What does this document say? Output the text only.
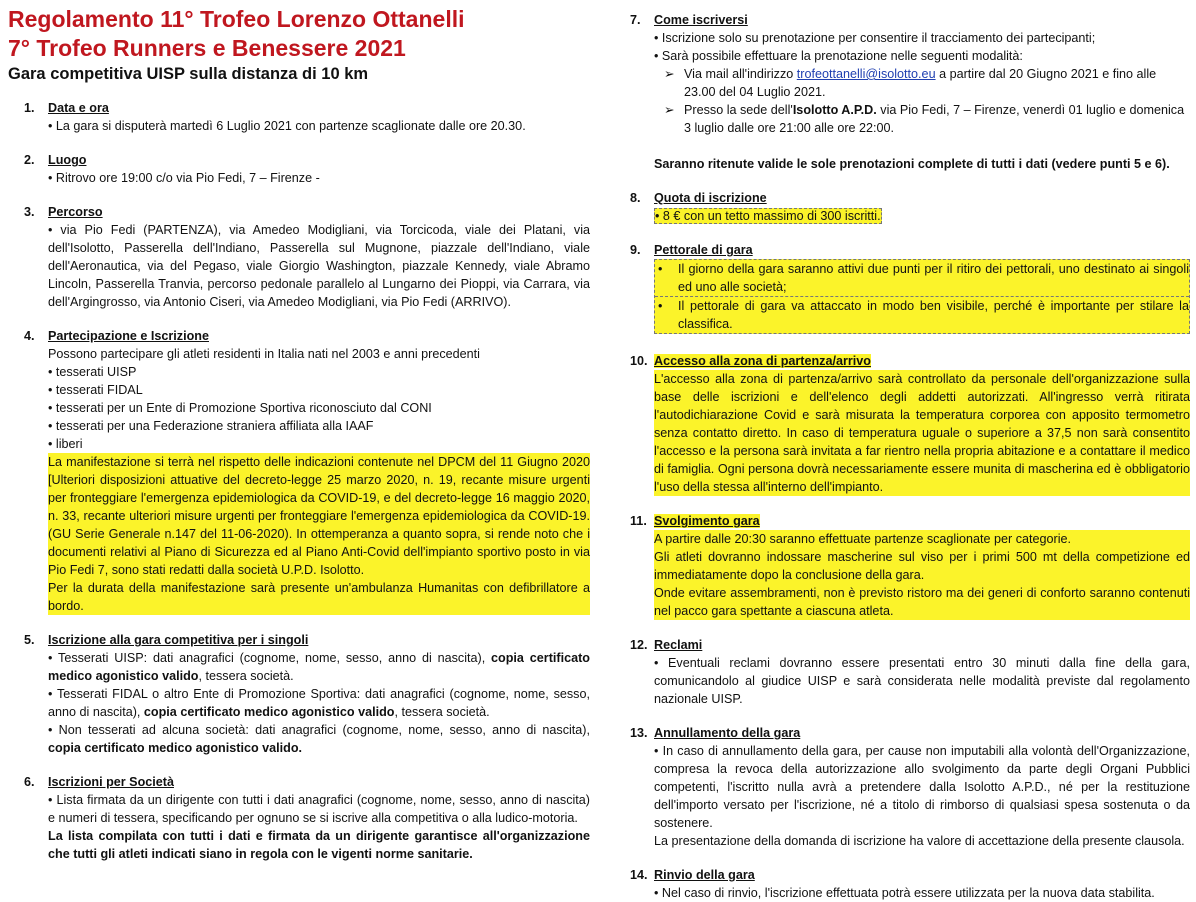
Regolamento 11° Trofeo Lorenzo Ottanelli
7° Trofeo Runners e Benessere 2021
Gara competitiva UISP sulla distanza di 10 km
1.	Data e ora
• La gara si disputerà martedì 6 Luglio 2021 con partenze scaglionate dalle ore 20.30.
2.	Luogo
• Ritrovo ore 19:00 c/o via Pio Fedi, 7 – Firenze -
3.	Percorso
• via Pio Fedi (PARTENZA), via Amedeo Modigliani, via Torcicoda, viale dei Platani, via dell'Isolotto, Passerella dell'Indiano, Passerella sul Mugnone, piazzale dell'Indiano, viale dell'Aeronautica, via del Pegaso, viale Giorgio Washington, piazzale Kennedy, viale Abramo Lincoln, Passerella Tranvia, percorso pedonale parallelo al Lungarno dei Pioppi, via Carrara, via dell'Argingrosso, via Antonio Ciseri, via Amedeo Modigliani, via Pio Fedi (ARRIVO).
4.	Partecipazione e Iscrizione
Possono partecipare gli atleti residenti in Italia nati nel 2003 e anni precedenti
• tesserati UISP
• tesserati FIDAL
• tesserati per un Ente di Promozione Sportiva riconosciuto dal CONI
• tesserati per una Federazione straniera affiliata alla IAAF
• liberi
La manifestazione si terrà nel rispetto delle indicazioni contenute nel DPCM del 11 Giugno 2020 [Ulteriori disposizioni attuative del decreto-legge 25 marzo 2020, n. 19, recante misure urgenti per fronteggiare l'emergenza epidemiologica da COVID-19, e del decreto-legge 16 maggio 2020, n. 33, recante ulteriori misure urgenti per fronteggiare l'emergenza epidemiologica da COVID-19. (GU Serie Generale n.147 del 11-06-2020). In ottemperanza a quanto sopra, si rende noto che i documenti relativi al Piano di Sicurezza ed al Piano Anti-Covid dell'impianto sportivo posto in via Pio Fedi 7, sono stati redatti dalla società U.P.D. Isolotto.
Per la durata della manifestazione sarà presente un'ambulanza Humanitas con defibrillatore a bordo.
5.	Iscrizione alla gara competitiva per i singoli
• Tesserati UISP: dati anagrafici (cognome, nome, sesso, anno di nascita), copia certificato medico agonistico valido, tessera società.
• Tesserati FIDAL o altro Ente di Promozione Sportiva: dati anagrafici (cognome, nome, sesso, anno di nascita), copia certificato medico agonistico valido, tessera società.
• Non tesserati ad alcuna società: dati anagrafici (cognome, nome, sesso, anno di nascita), copia certificato medico agonistico valido.
6.	Iscrizioni per Società
• Lista firmata da un dirigente con tutti i dati anagrafici (cognome, nome, sesso, anno di nascita) e numeri di tessera, specificando per ognuno se si iscrive alla competitiva o alla ludico-motoria.
La lista compilata con tutti i dati e firmata da un dirigente garantisce all'organizzazione che tutti gli atleti indicati siano in regola con le vigenti norme sanitarie.
7.	Come iscriversi
• Iscrizione solo su prenotazione per consentire il tracciamento dei partecipanti;
• Sarà possibile effettuare la prenotazione nelle seguenti modalità:
➢ Via mail all'indirizzo trofeottanelli@isolotto.eu a partire dal 20 Giugno 2021 e fino alle 23.00 del 04 Luglio 2021.
➢ Presso la sede dell'Isolotto A.P.D. via Pio Fedi, 7 – Firenze, venerdì 01 luglio e domenica 3 luglio dalle ore 21:00 alle ore 22:00.
Saranno ritenute valide le sole prenotazioni complete di tutti i dati (vedere punti 5 e 6).
8.	Quota di iscrizione
• 8 € con un tetto massimo di 300 iscritti.
9.	Pettorale di gara
•	Il giorno della gara saranno attivi due punti per il ritiro dei pettorali, uno destinato ai singoli ed uno alle società;
•	Il pettorale di gara va attaccato in modo ben visibile, perché è importante per stilare la classifica.
10. Accesso alla zona di partenza/arrivo
L'accesso alla zona di partenza/arrivo sarà controllato da personale dell'organizzazione sulla base delle iscrizioni e dell'elenco degli addetti autorizzati. All'ingresso verrà ritirata l'autodichiarazione Covid e sarà misurata la temperatura corporea con apposito termometro senza contatto diretto. In caso di temperatura uguale o superiore a 37,5 non sarà consentito l'accesso e la persona sarà invitata a far rientro nella propria abitazione e a contattare il medico di famiglia. Ogni persona dovrà necessariamente essere munita di mascherina ed è obbligatorio l'uso della stessa all'interno dell'impianto.
11. Svolgimento gara
A partire dalle 20:30 saranno effettuate partenze scaglionate per categorie.
Gli atleti dovranno indossare mascherine sul viso per i primi 500 mt della competizione ed immediatamente dopo la conclusione della gara.
Onde evitare assembramenti, non è previsto ristoro ma dei generi di conforto saranno contenuti nel pacco gara spettante a ciascuna atleta.
12. Reclami
• Eventuali reclami dovranno essere presentati entro 30 minuti dalla fine della gara, comunicandolo al giudice UISP e sarà considerata nelle modalità previste dal regolamento nazionale UISP.
13. Annullamento della gara
• In caso di annullamento della gara, per cause non imputabili alla volontà dell'Organizzazione, compresa la revoca della autorizzazione allo svolgimento da parte degli Organi Pubblici competenti, l'iscritto nulla avrà a pretendere dalla Isolotto A.P.D., né per la restituzione dell'importo versato per l'iscrizione, né a titolo di rimborso di qualsiasi spesa sostenuta o da sostenere.
La presentazione della domanda di iscrizione ha valore di accettazione della presente clausola.
14. Rinvio della gara
• Nel caso di rinvio, l'iscrizione effettuata potrà essere utilizzata per la nuova data stabilita.
